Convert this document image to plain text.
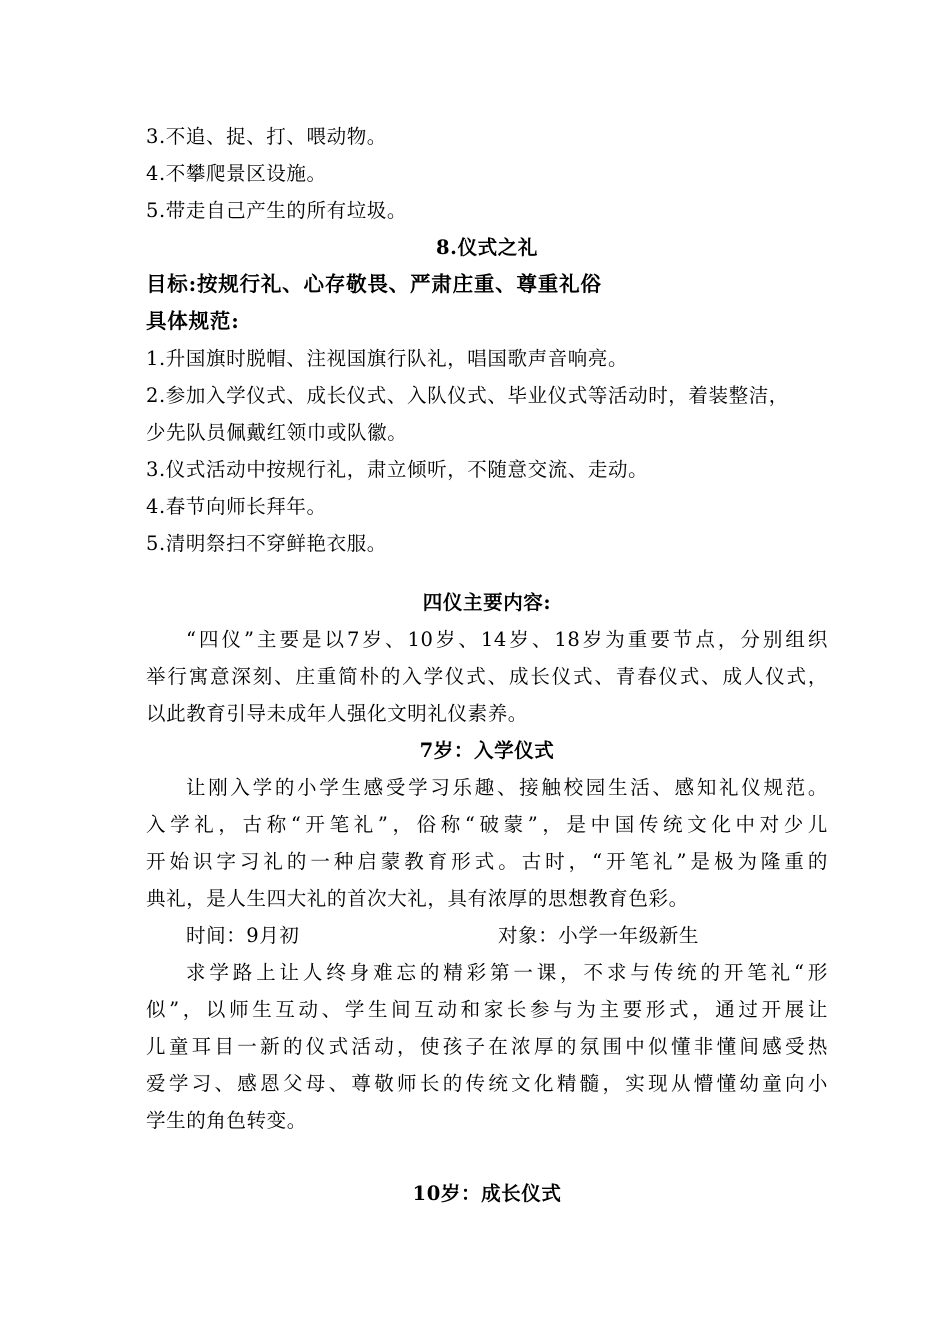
3.不追、捉、打、喂动物。
4.不攀爬景区设施。
5.带走自己产生的所有垃圾。
8.仪式之礼
目标:按规行礼、心存敬畏、严肃庄重、尊重礼俗
具体规范:
1.升国旗时脱帽、注视国旗行队礼，唱国歌声音响亮。
2.参加入学仪式、成长仪式、入队仪式、毕业仪式等活动时，着装整洁，
少先队员佩戴红领巾或队徽。
3.仪式活动中按规行礼，肃立倾听，不随意交流、走动。
4.春节向师长拜年。
5.清明祭扫不穿鲜艳衣服。
四仪主要内容:
“四仪”主要是以7岁、10岁、14岁、18岁为重要节点，分别组织
举行寓意深刻、庄重简朴的入学仪式、成长仪式、青春仪式、成人仪式，
以此教育引导未成年人强化文明礼仪素养。
7岁：入学仪式
让刚入学的小学生感受学习乐趣、接触校园生活、感知礼仪规范。
入学礼，古称“开笔礼”，俗称“破蒙”，是中国传统文化中对少儿
开始识字习礼的一种启蒙教育形式。古时，“开笔礼”是极为隆重的
典礼，是人生四大礼的首次大礼，具有浓厚的思想教育色彩。
时间：9月初	对象：小学一年级新生
求学路上让人终身难忘的精彩第一课，不求与传统的开笔礼“形
似”，以师生互动、学生间互动和家长参与为主要形式，通过开展让
儿童耳目一新的仪式活动，使孩子在浓厚的氛围中似懂非懂间感受热
爱学习、感恩父母、尊敬师长的传统文化精髓，实现从懵懂幼童向小
学生的角色转变。
10岁：成长仪式
